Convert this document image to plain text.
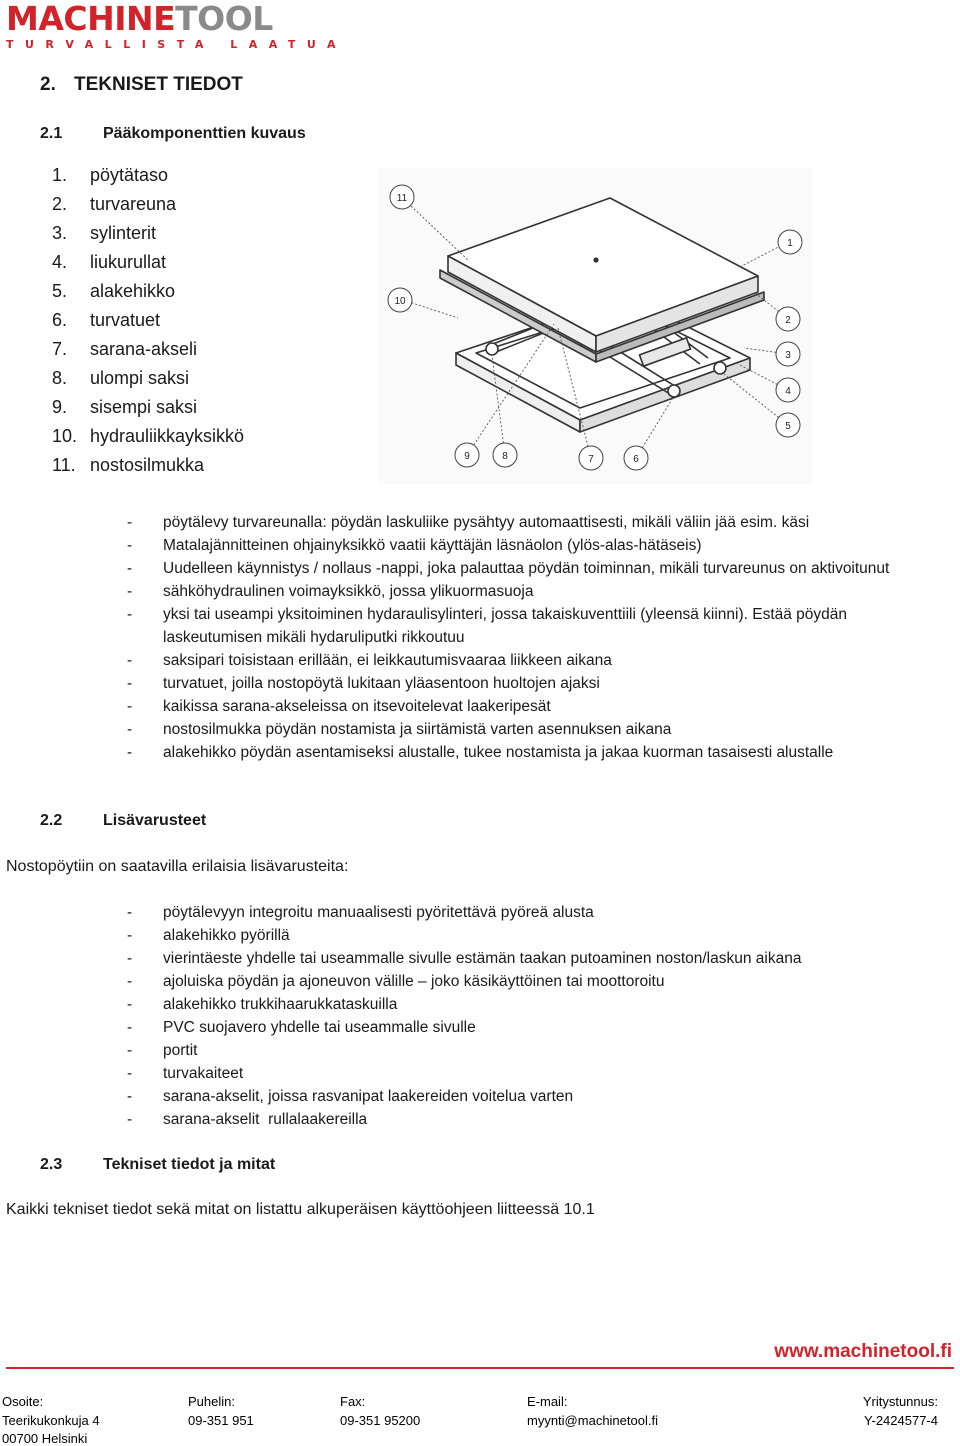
MACHINETOOL
TURVALLISTA LAATUA
2. TEKNISET TIEDOT
2.1	Pääkomponenttien kuvaus
1. pöytätaso
2. turvareuna
3. sylinterit
4. liukurullat
5. alakehikko
6. turvatuet
7. sarana-akseli
8. ulompi saksi
9. sisempi saksi
10. hydrauliikkayksikkö
11. nostosilmukka
11
10
1
2
3
4
5
6
7
8
9
- pöytälevy turvareunalla: pöydän laskuliike pysähtyy automaattisesti, mikäli väliin jää esim. käsi
- Matalajännitteinen ohjainyksikkö vaatii käyttäjän läsnäolon (ylös-alas-hätäseis)
- Uudelleen käynnistys / nollaus -nappi, joka palauttaa pöydän toiminnan, mikäli turvareunus on aktivoitunut
- sähköhydraulinen voimayksikkö, jossa ylikuormasuoja
- yksi tai useampi yksitoiminen hydaraulisylinteri, jossa takaiskuventtiili (yleensä kiinni). Estää pöydän laskeutumisen mikäli hydaruliputki rikkoutuu
- saksipari toisistaan erillään, ei leikkautumisvaaraa liikkeen aikana
- turvatuet, joilla nostopöytä lukitaan yläasentoon huoltojen ajaksi
- kaikissa sarana-akseleissa on itsevoitelevat laakeripesät
- nostosilmukka pöydän nostamista ja siirtämistä varten asennuksen aikana
- alakehikko pöydän asentamiseksi alustalle, tukee nostamista ja jakaa kuorman tasaisesti alustalle
2.2	Lisävarusteet
Nostopöytiin on saatavilla erilaisia lisävarusteita:
- pöytälevyyn integroitu manuaalisesti pyöritettävä pyöreä alusta
- alakehikko pyörillä
- vierintäeste yhdelle tai useammalle sivulle estämän taakan putoaminen noston/laskun aikana
- ajoluiska pöydän ja ajoneuvon välille – joko käsikäyttöinen tai moottoroitu
- alakehikko trukkihaarukkataskuilla
- PVC suojavero yhdelle tai useammalle sivulle
- portit
- turvakaiteet
- sarana-akselit, joissa rasvanipat laakereiden voitelua varten
- sarana-akselit  rullalaakereilla
2.3	Tekniset tiedot ja mitat
Kaikki tekniset tiedot sekä mitat on listattu alkuperäisen käyttöohjeen liitteessä 10.1
www.machinetool.fi
Osoite:
Teerikukonkuja 4
00700 Helsinki
Puhelin:
09-351 951
Fax:
09-351 95200
E-mail:
myynti@machinetool.fi
Yritystunnus:
Y-2424577-4
